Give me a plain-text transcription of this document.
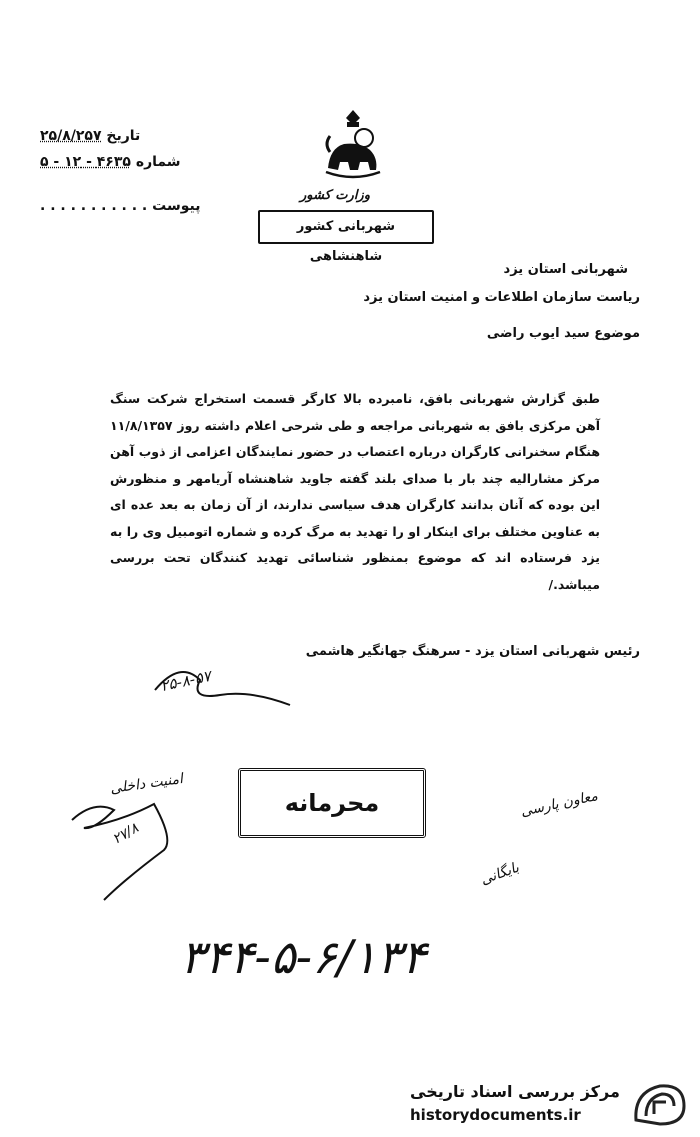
تاریخ ۲۵/۸/۲۵۷
شماره ۴۶۳۵ - ۱۲ - ۵
پیوست . . . . . . . . . . .
وزارت کشور
شهربانی کشور شاهنشاهی
شهربانی استان یزد
ریاست سازمان اطلاعات و امنیت استان یزد
موضوع سید ایوب راضی
طبق گزارش شهربانی بافق، نامبرده بالا کارگر قسمت استخراج شرکت سنگ آهن مرکزی بافق به شهربانی مراجعه و طی شرحی اعلام داشته روز ۱۱/۸/۱۳۵۷ هنگام سخنرانی کارگران درباره اعتصاب در حضور نمایندگان اعزامی از ذوب آهن مرکز مشارالیه چند بار با صدای بلند گفته جاوید شاهنشاه آریامهر و منظورش این بوده که آنان بدانند کارگران هدف سیاسی ندارند، از آن زمان به بعد عده ای به عناوین مختلف برای اینکار او را تهدید به مرگ کرده و شماره اتومبیل وی را به یزد فرستاده اند که موضوع بمنظور شناسائی تهدید کنندگان تحت بررسی میباشد./
رئیس شهربانی استان یزد - سرهنگ جهانگیر هاشمی
۲۵-۸-۵۷
امنیت داخلی
۲۷/۸
محرمانه	معاون پارسی
بایگانی
۳۴۴-۵-۶/۱۳۴
مرکز بررسی اسناد تاریخی
historydocuments.ir
